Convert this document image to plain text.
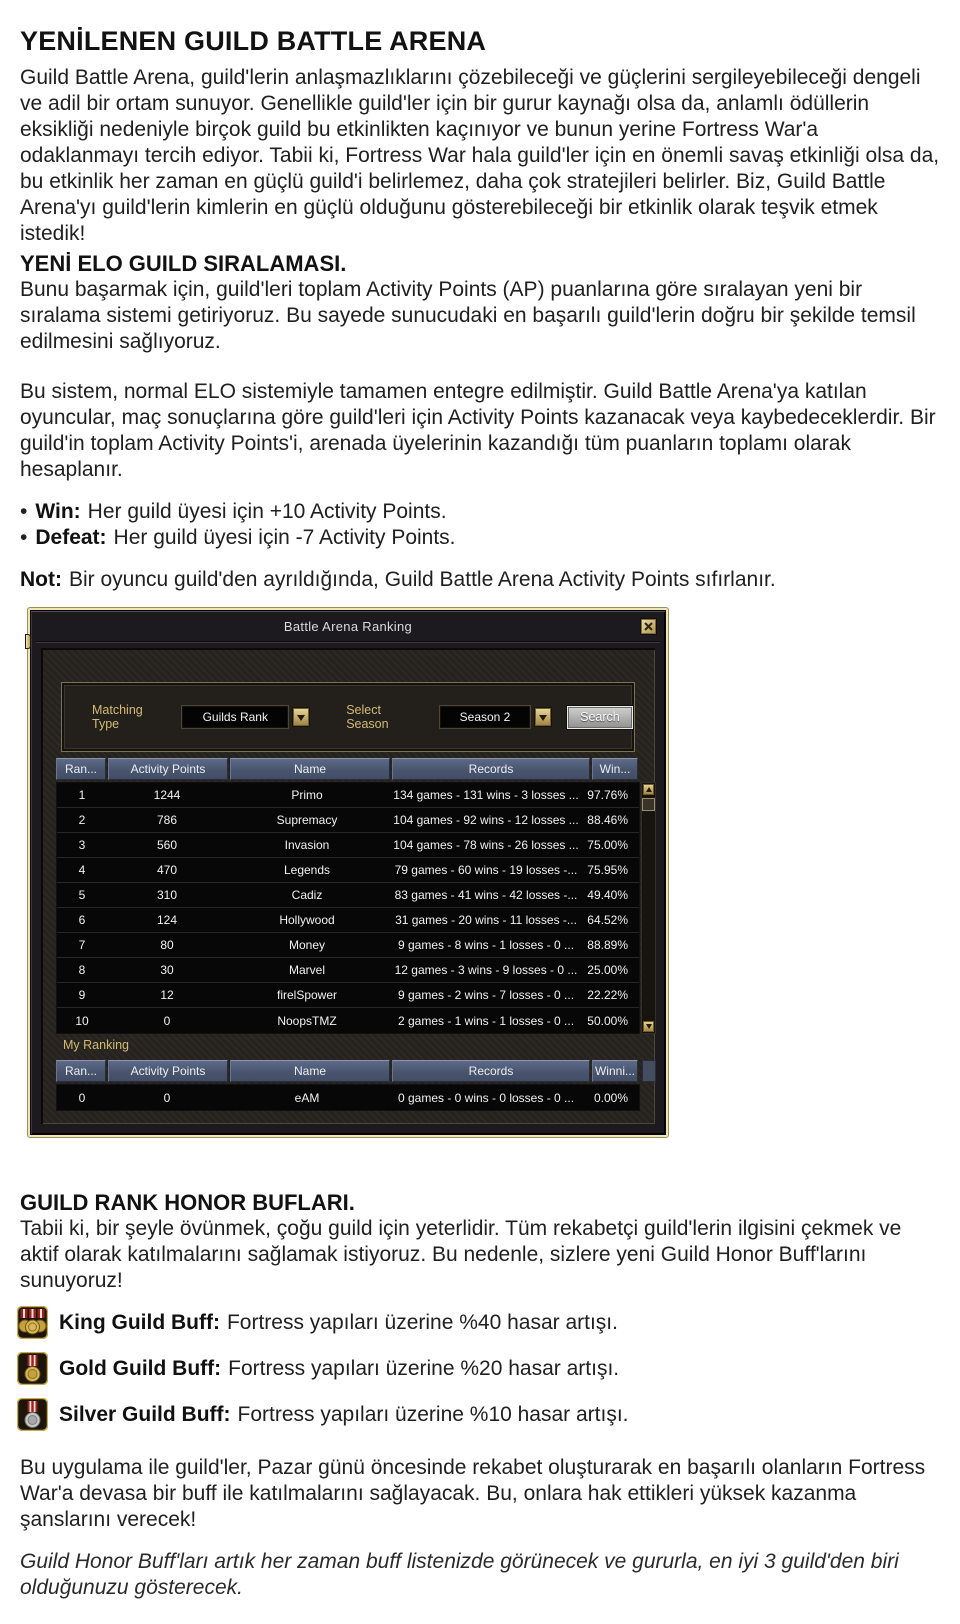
YENİLENEN GUILD BATTLE ARENA

Guild Battle Arena, guild'lerin anlaşmazlıklarını çözebileceği ve güçlerini sergileyebileceği dengeli ve adil bir ortam sunuyor. Genellikle guild'ler için bir gurur kaynağı olsa da, anlamlı ödüllerin eksikliği nedeniyle birçok guild bu etkinlikten kaçınıyor ve bunun yerine Fortress War'a odaklanmayı tercih ediyor. Tabii ki, Fortress War hala guild'ler için en önemli savaş etkinliği olsa da, bu etkinlik her zaman en güçlü guild'i belirlemez, daha çok stratejileri belirler. Biz, Guild Battle Arena'yı guild'lerin kimlerin en güçlü olduğunu gösterebileceği bir etkinlik olarak teşvik etmek istedik!

YENİ ELO GUILD SIRALAMASI.

Bunu başarmak için, guild'leri toplam Activity Points (AP) puanlarına göre sıralayan yeni bir sıralama sistemi getiriyoruz. Bu sayede sunucudaki en başarılı guild'lerin doğru bir şekilde temsil edilmesini sağlıyoruz.

Bu sistem, normal ELO sistemiyle tamamen entegre edilmiştir. Guild Battle Arena'ya katılan oyuncular, maç sonuçlarına göre guild'leri için Activity Points kazanacak veya kaybedeceklerdir. Bir guild'in toplam Activity Points'i, arenada üyelerinin kazandığı tüm puanların toplamı olarak hesaplanır.

• Win: Her guild üyesi için +10 Activity Points.

• Defeat: Her guild üyesi için -7 Activity Points.

Not: Bir oyuncu guild'den ayrıldığında, Guild Battle Arena Activity Points sıfırlanır.

Battle Arena Ranking
Matching Type	Guilds Rank	Select Season	Season 2	Search
Ran...	Activity Points	Name	Records	Win...
1	1244	Primo	134 games - 131 wins - 3 losses ... 97.76%
2	786	Supremacy	104 games - 92 wins - 12 losses ... 88.46%
3	560	Invasion	104 games - 78 wins - 26 losses ... 75.00%
4	470	Legends	79 games - 60 wins - 19 losses -... 75.95%
5	310	Cadiz	83 games - 41 wins - 42 losses -... 49.40%
6	124	Hollywood	31 games - 20 wins - 11 losses -... 64.52%
7	80	Money	9 games - 8 wins - 1 losses - 0 ...	88.89%
8	30	Marvel	12 games - 3 wins - 9 losses - 0 ... 25.00%
9	12	firelSpower	9 games - 2 wins - 7 losses - 0 ...	22.22%
10	0	NoopsTMZ	2 games - 1 wins - 1 losses - 0 ...	50.00%
My Ranking
Ran...	Activity Points	Name	Records	Winni...
0	0	eAM	0 games - 0 wins - 0 losses - 0 ...	0.00%
GUILD RANK HONOR BUFLARI.

Tabii ki, bir şeyle övünmek, çoğu guild için yeterlidir. Tüm rekabetçi guild'lerin ilgisini çekmek ve aktif olarak katılmalarını sağlamak istiyoruz. Bu nedenle, sizlere yeni Guild Honor Buff'larını sunuyoruz!

King Guild Buff: Fortress yapıları üzerine %40 hasar artışı.

Gold Guild Buff: Fortress yapıları üzerine %20 hasar artışı.

Silver Guild Buff: Fortress yapıları üzerine %10 hasar artışı.

Bu uygulama ile guild'ler, Pazar günü öncesinde rekabet oluşturarak en başarılı olanların Fortress War'a devasa bir buff ile katılmalarını sağlayacak. Bu, onlara hak ettikleri yüksek kazanma şanslarını verecek!

Guild Honor Buff'ları artık her zaman buff listenizde görünecek ve gururla, en iyi 3 guild'den biri olduğunuzu gösterecek.
